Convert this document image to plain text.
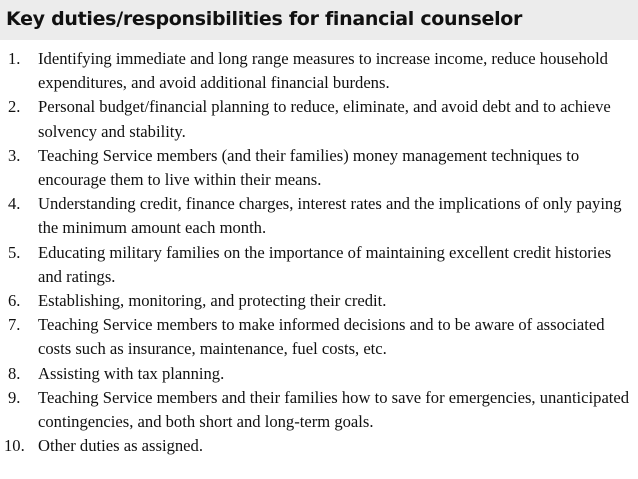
Key duties/responsibilities for financial counselor
1. Identifying immediate and long range measures to increase income, reduce household expenditures, and avoid additional financial burdens.
2. Personal budget/financial planning to reduce, eliminate, and avoid debt and to achieve solvency and stability.
3. Teaching Service members (and their families) money management techniques to encourage them to live within their means.
4. Understanding credit, finance charges, interest rates and the implications of only paying the minimum amount each month.
5. Educating military families on the importance of maintaining excellent credit histories and ratings.
6. Establishing, monitoring, and protecting their credit.
7. Teaching Service members to make informed decisions and to be aware of associated costs such as insurance, maintenance, fuel costs, etc.
8. Assisting with tax planning.
9. Teaching Service members and their families how to save for emergencies, unanticipated contingencies, and both short and long-term goals.
10. Other duties as assigned.
